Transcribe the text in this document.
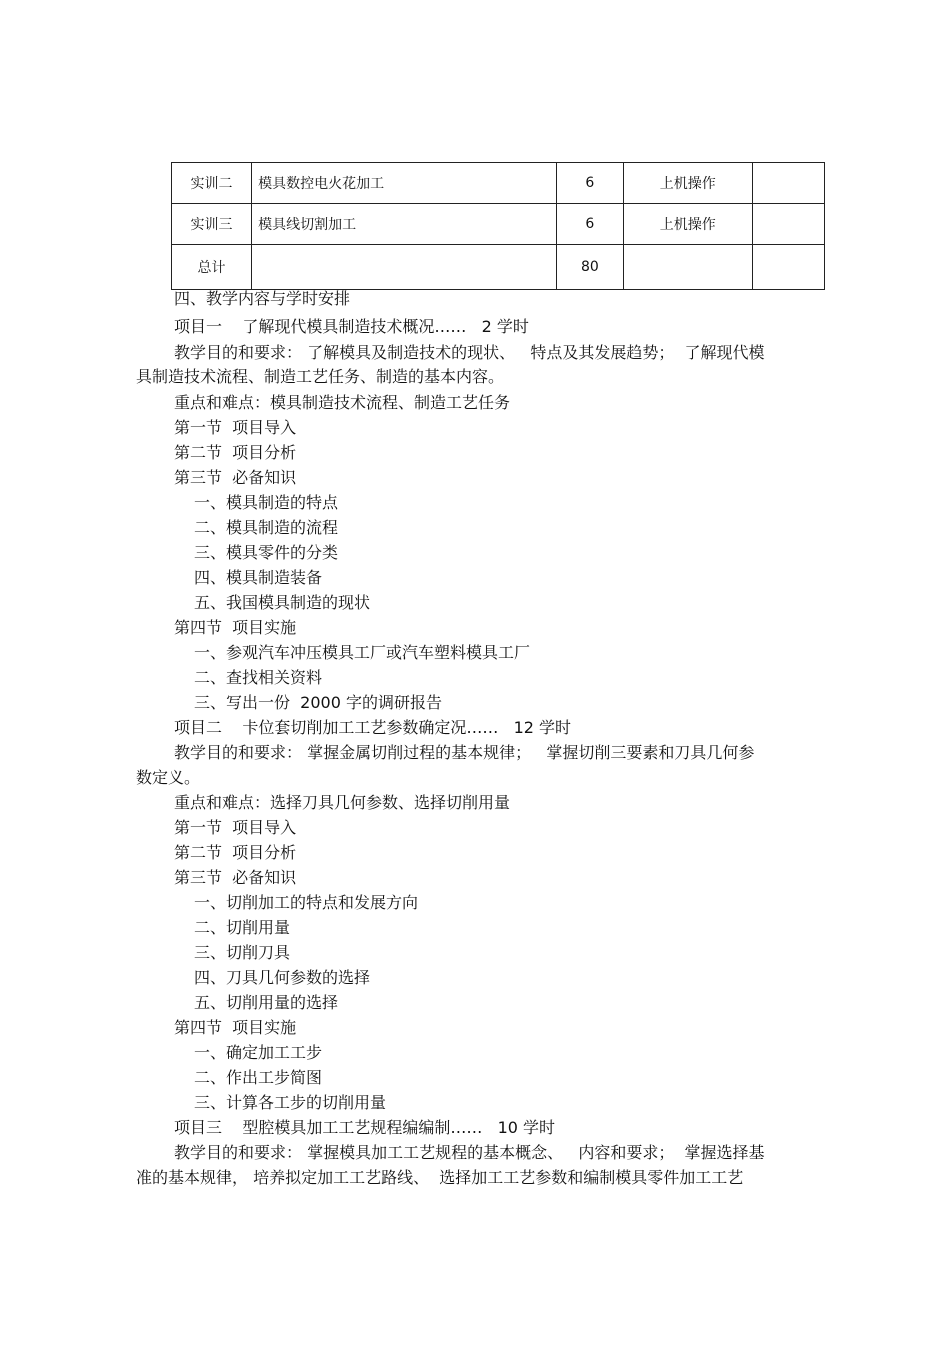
实训二	模具数控电火花加工	6	上机操作	
实训三	模具线切割加工	6	上机操作	
总计		80		
四、教学内容与学时安排
项目一    了解现代模具制造技术概况……   2 学时
教学目的和要求： 了解模具及制造技术的现状、   特点及其发展趋势；  了解现代模
具制造技术流程、制造工艺任务、制造的基本内容。
重点和难点：模具制造技术流程、制造工艺任务
第一节  项目导入
第二节  项目分析
第三节  必备知识
一、模具制造的特点
二、模具制造的流程
三、模具零件的分类
四、模具制造装备
五、我国模具制造的现状
第四节  项目实施
一、参观汽车冲压模具工厂或汽车塑料模具工厂
二、查找相关资料
三、写出一份  2000 字的调研报告
项目二    卡位套切削加工工艺参数确定况……   12 学时
教学目的和要求： 掌握金属切削过程的基本规律；   掌握切削三要素和刀具几何参
数定义。
重点和难点：选择刀具几何参数、选择切削用量
第一节  项目导入
第二节  项目分析
第三节  必备知识
一、切削加工的特点和发展方向
二、切削用量
三、切削刀具
四、刀具几何参数的选择
五、切削用量的选择
第四节  项目实施
一、确定加工工步
二、作出工步简图
三、计算各工步的切削用量
项目三    型腔模具加工工艺规程编编制……   10 学时
教学目的和要求： 掌握模具加工工艺规程的基本概念、   内容和要求；  掌握选择基
准的基本规律， 培养拟定加工工艺路线、  选择加工工艺参数和编制模具零件加工工艺
